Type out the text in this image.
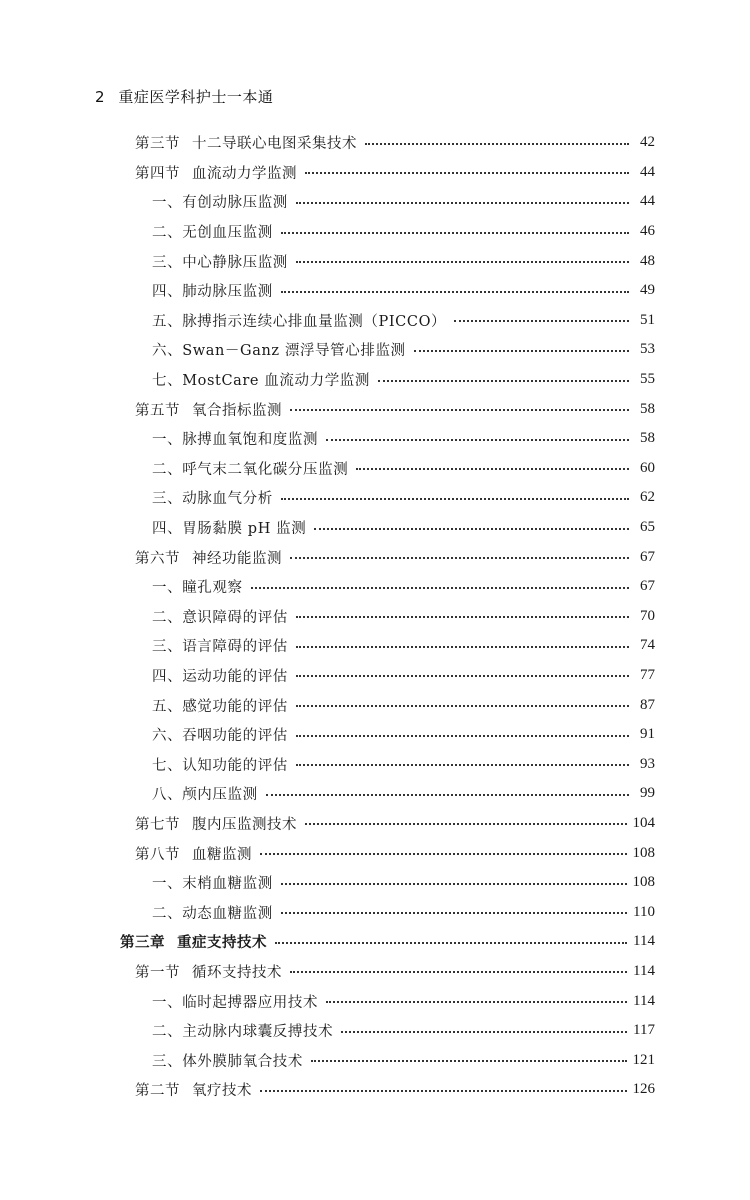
2 重症医学科护士一本通
第三节 十二导联心电图采集技术	42
第四节 血流动力学监测	44
一、有创动脉压监测	44
二、无创血压监测	46
三、中心静脉压监测	48
四、肺动脉压监测	49
五、脉搏指示连续心排血量监测（PICCO）	51
六、Swan－Ganz 漂浮导管心排监测	53
七、MostCare 血流动力学监测	55
第五节 氧合指标监测	58
一、脉搏血氧饱和度监测	58
二、呼气末二氧化碳分压监测	60
三、动脉血气分析	62
四、胃肠黏膜 pH 监测	65
第六节 神经功能监测	67
一、瞳孔观察	67
二、意识障碍的评估	70
三、语言障碍的评估	74
四、运动功能的评估	77
五、感觉功能的评估	87
六、吞咽功能的评估	91
七、认知功能的评估	93
八、颅内压监测	99
第七节 腹内压监测技术	104
第八节 血糖监测	108
一、末梢血糖监测	108
二、动态血糖监测	110
第三章 重症支持技术	114
第一节 循环支持技术	114
一、临时起搏器应用技术	114
二、主动脉内球囊反搏技术	117
三、体外膜肺氧合技术	121
第二节 氧疗技术	126
